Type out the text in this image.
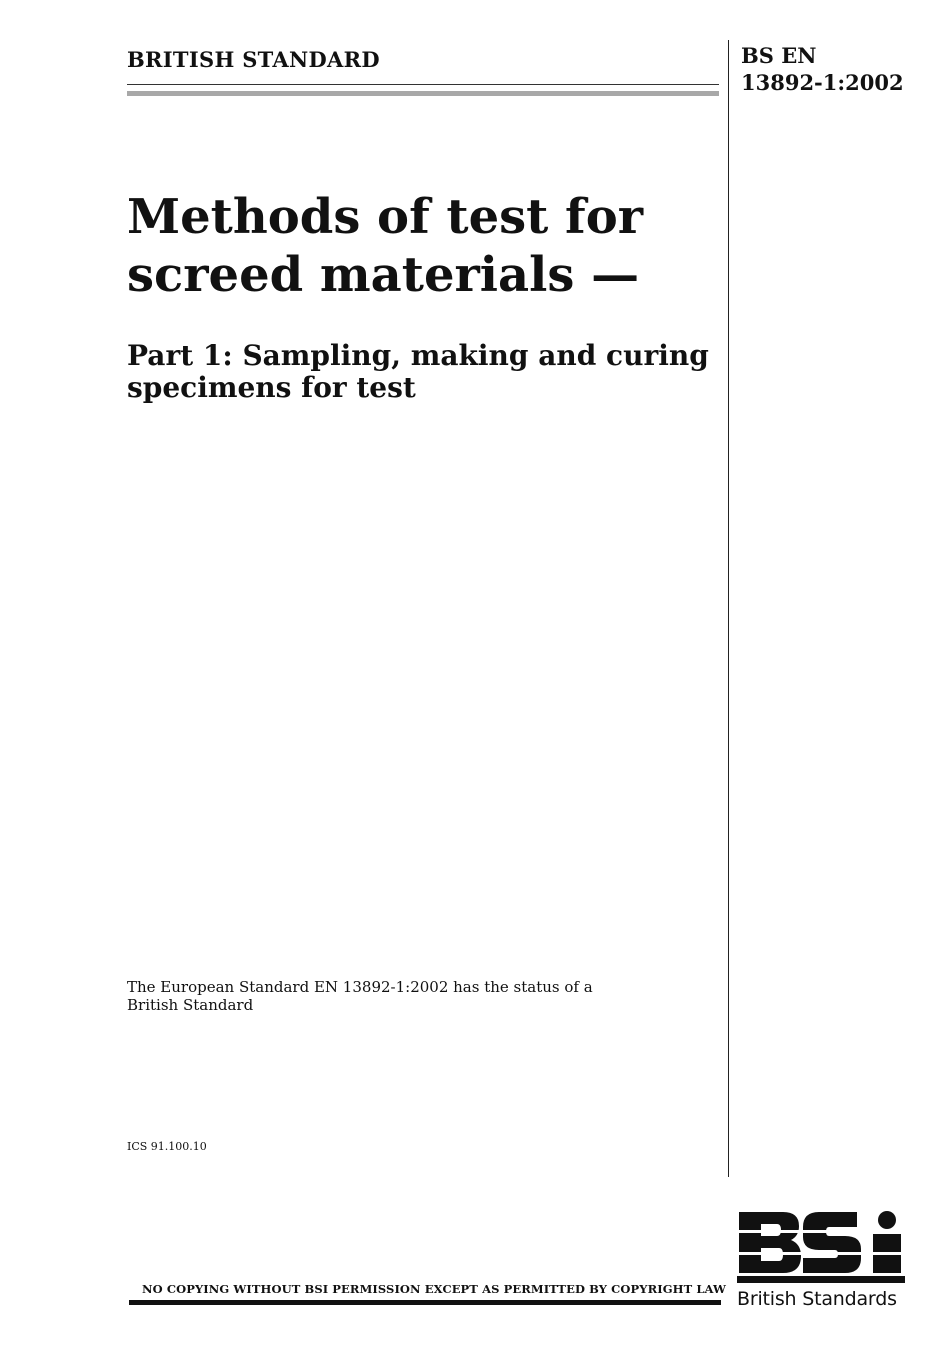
BRITISH STANDARD	BS EN
13892-1:2002
Methods of test for
screed materials —
Part 1: Sampling, making and curing
specimens for test
The European Standard EN 13892-1:2002 has the status of a
British Standard
ICS 91.100.10
NO COPYING WITHOUT BSI PERMISSION EXCEPT AS PERMITTED BY COPYRIGHT LAW British Standards
